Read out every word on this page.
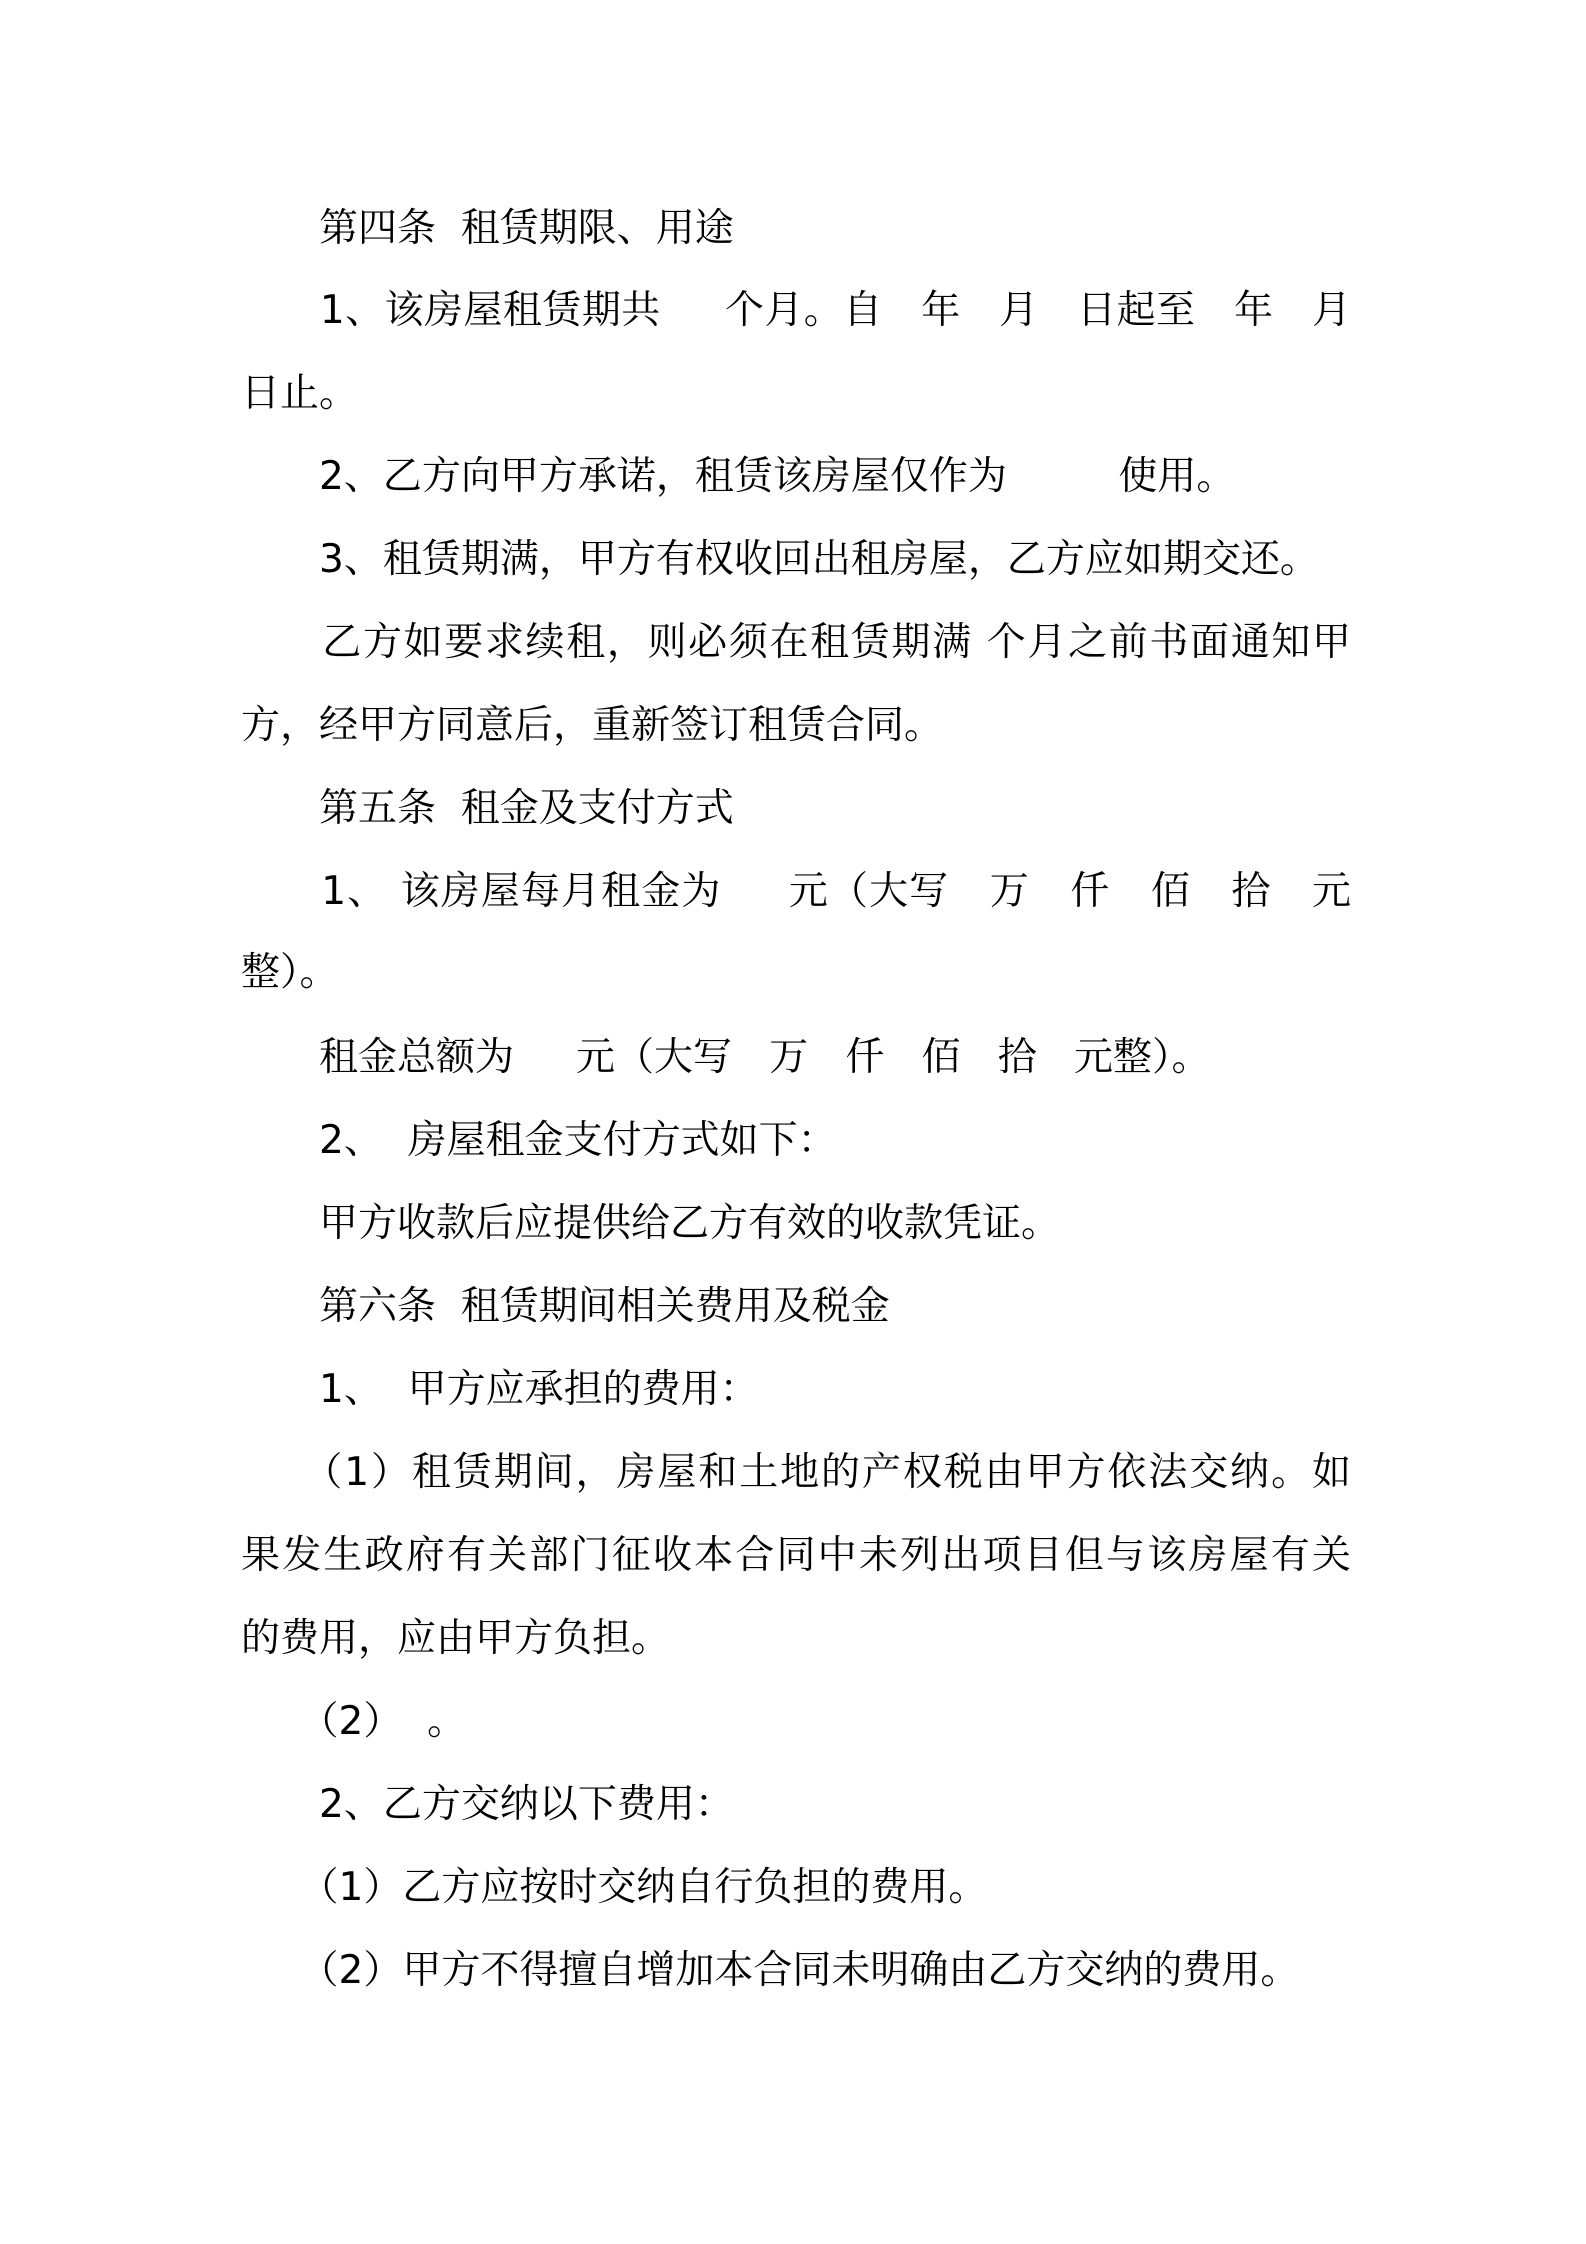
　　第四条  租赁期限、用途
　　1、该房屋租赁期共     个月。自   年   月   日起至   年   月
日止。
　　2、乙方向甲方承诺，租赁该房屋仅作为         使用。
　　3、租赁期满，甲方有权收回出租房屋，乙方应如期交还。
　　乙方如要求续租，则必须在租赁期满 个月之前书面通知甲
方，经甲方同意后，重新签订租赁合同。
　　第五条  租金及支付方式
　　1、 该房屋每月租金为     元（大写   万   仟   佰   拾   元
整）。
　　租金总额为     元（大写   万   仟   佰   拾   元整）。
　　2、  房屋租金支付方式如下：
　　甲方收款后应提供给乙方有效的收款凭证。
　　第六条  租赁期间相关费用及税金
　　1、  甲方应承担的费用：
　　（1）租赁期间，房屋和土地的产权税由甲方依法交纳。如
果发生政府有关部门征收本合同中未列出项目但与该房屋有关
的费用，应由甲方负担。
　　（2）  。
　　2、乙方交纳以下费用：
　　（1）乙方应按时交纳自行负担的费用。
　　（2）甲方不得擅自增加本合同未明确由乙方交纳的费用。
